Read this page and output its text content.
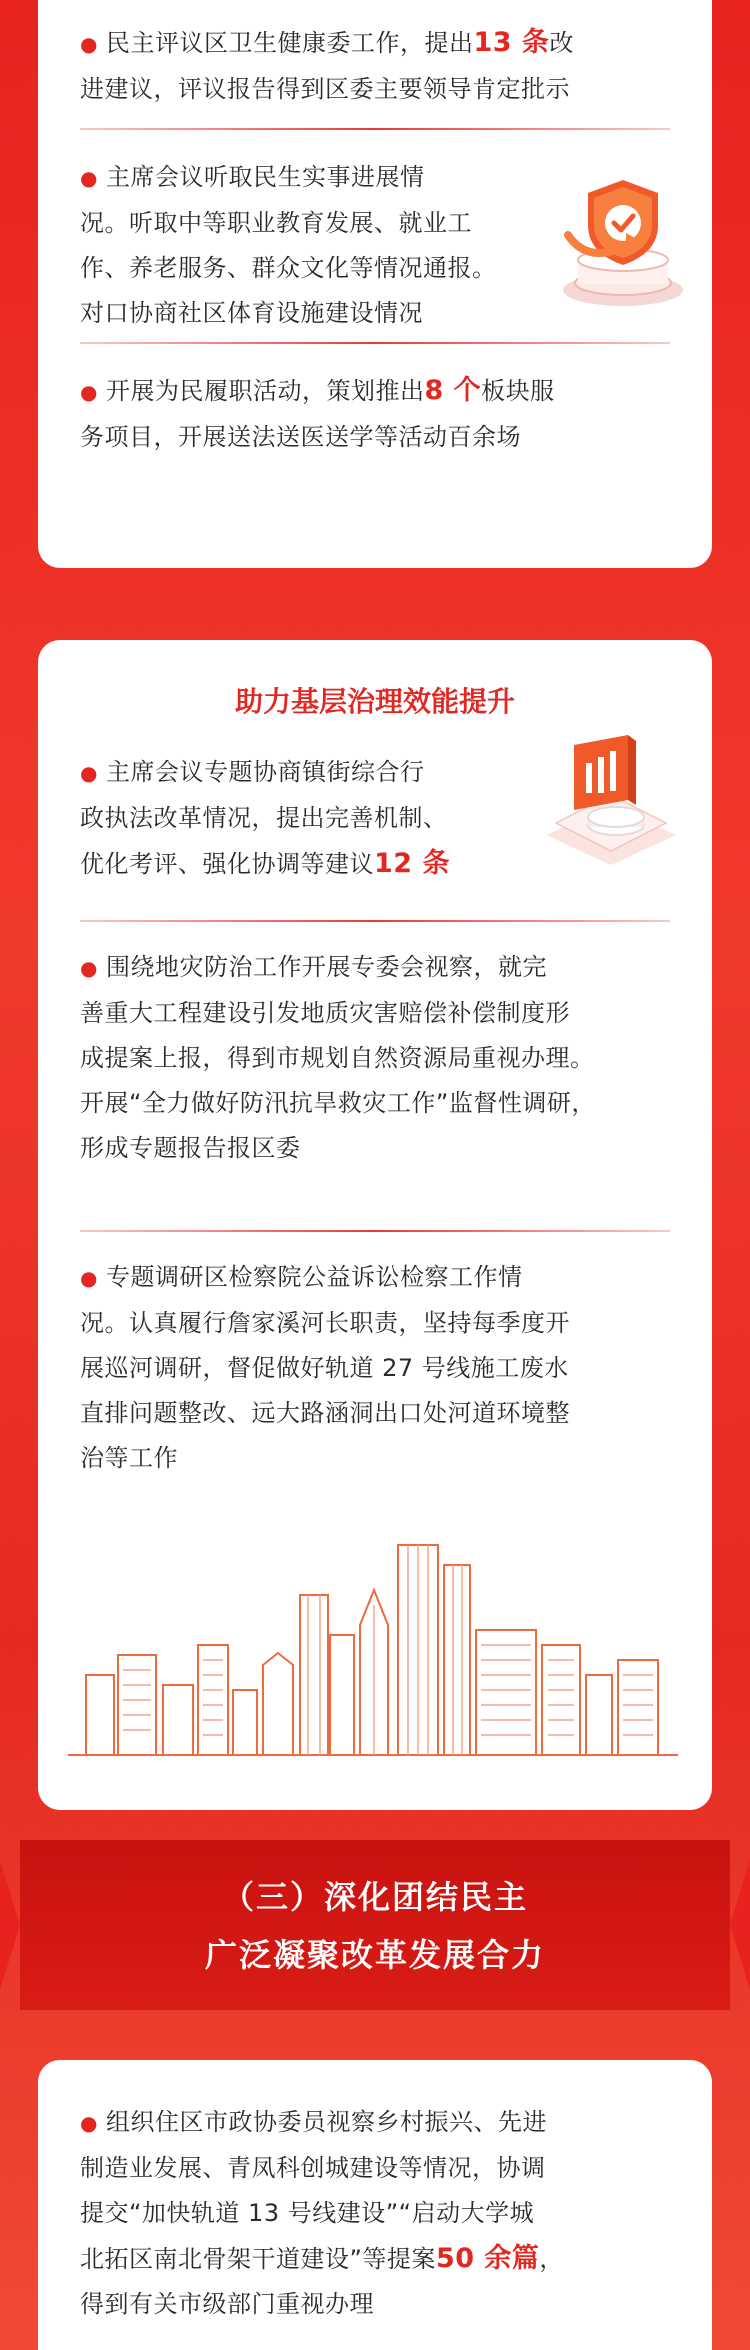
● 民主评议区卫生健康委工作，提出13 条改
进建议，评议报告得到区委主要领导肯定批示
● 主席会议听取民生实事进展情
况。听取中等职业教育发展、就业工
作、养老服务、群众文化等情况通报。
对口协商社区体育设施建设情况
● 开展为民履职活动，策划推出8 个板块服
务项目，开展送法送医送学等活动百余场
助力基层治理效能提升
● 主席会议专题协商镇街综合行
政执法改革情况，提出完善机制、
优化考评、强化协调等建议12 条
● 围绕地灾防治工作开展专委会视察，就完
善重大工程建设引发地质灾害赔偿补偿制度形
成提案上报，得到市规划自然资源局重视办理。
开展“全力做好防汛抗旱救灾工作”监督性调研，
形成专题报告报区委
● 专题调研区检察院公益诉讼检察工作情
况。认真履行詹家溪河长职责，坚持每季度开
展巡河调研，督促做好轨道 27 号线施工废水
直排问题整改、远大路涵洞出口处河道环境整
治等工作
（三）深化团结民主
广泛凝聚改革发展合力
● 组织住区市政协委员视察乡村振兴、先进
制造业发展、青凤科创城建设等情况，协调
提交“加快轨道 13 号线建设”“启动大学城
北拓区南北骨架干道建设”等提案50 余篇，
得到有关市级部门重视办理
